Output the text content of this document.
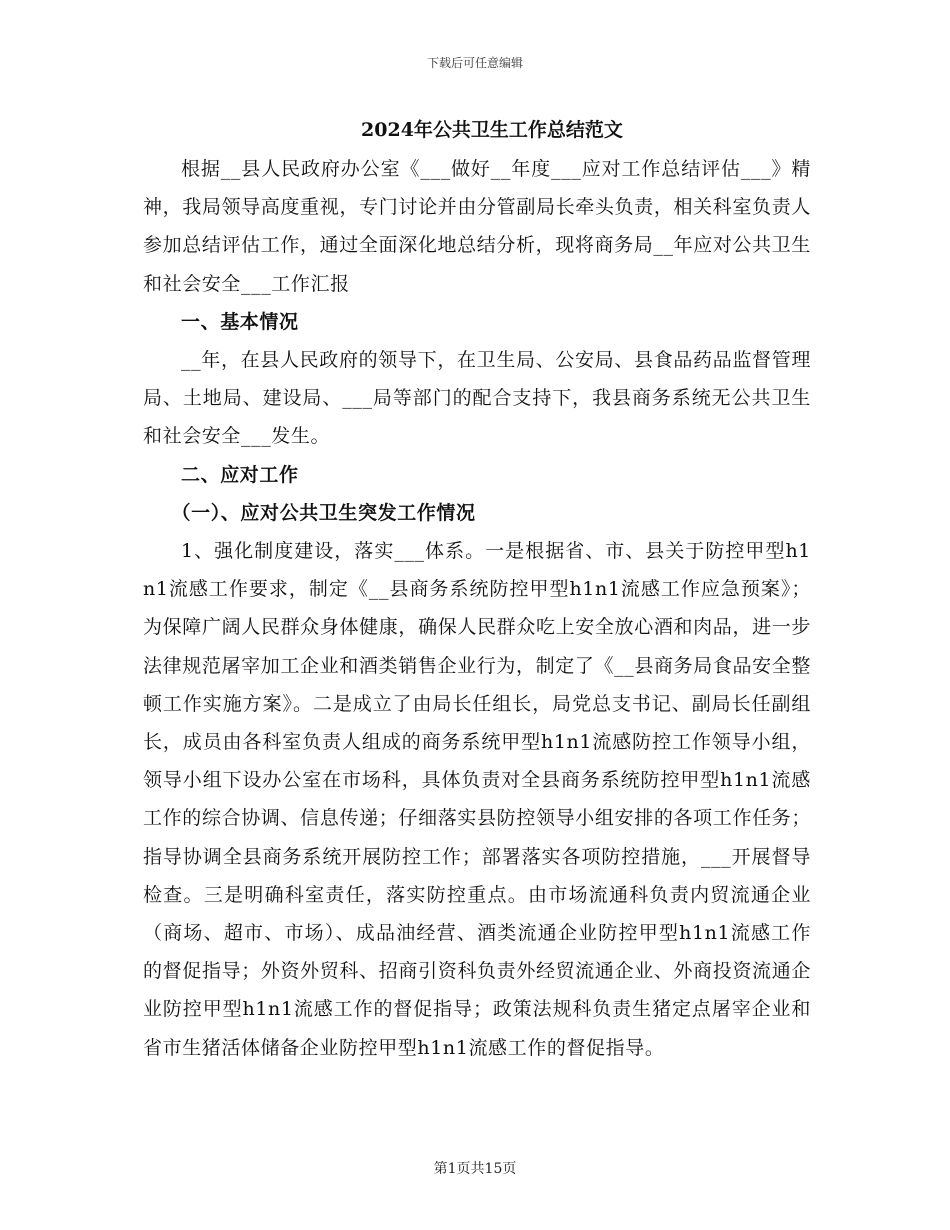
下载后可任意编辑
2024年公共卫生工作总结范文

根据__县人民政府办公室《___做好__年度___应对工作总结评估___》精神，我局领导高度重视，专门讨论并由分管副局长牵头负责，相关科室负责人参加总结评估工作，通过全面深化地总结分析，现将商务局__年应对公共卫生和社会安全___工作汇报

一、基本情况

__年，在县人民政府的领导下，在卫生局、公安局、县食品药品监督管理局、土地局、建设局、___局等部门的配合支持下，我县商务系统无公共卫生和社会安全___发生。

二、应对工作

（一）、应对公共卫生突发工作情况

1、强化制度建设，落实___体系。一是根据省、市、县关于防控甲型h1n1流感工作要求，制定《__县商务系统防控甲型h1n1流感工作应急预案》；为保障广阔人民群众身体健康，确保人民群众吃上安全放心酒和肉品，进一步法律规范屠宰加工企业和酒类销售企业行为，制定了《__县商务局食品安全整顿工作实施方案》。二是成立了由局长任组长，局党总支书记、副局长任副组长，成员由各科室负责人组成的商务系统甲型h1n1流感防控工作领导小组，领导小组下设办公室在市场科，具体负责对全县商务系统防控甲型h1n1流感工作的综合协调、信息传递；仔细落实县防控领导小组安排的各项工作任务；指导协调全县商务系统开展防控工作；部署落实各项防控措施，___开展督导检查。三是明确科室责任，落实防控重点。由市场流通科负责内贸流通企业（商场、超市、市场）、成品油经营、酒类流通企业防控甲型h1n1流感工作的督促指导；外资外贸科、招商引资科负责外经贸流通企业、外商投资流通企业防控甲型h1n1流感工作的督促指导；政策法规科负责生猪定点屠宰企业和省市生猪活体储备企业防控甲型h1n1流感工作的督促指导。

第1页共15页
